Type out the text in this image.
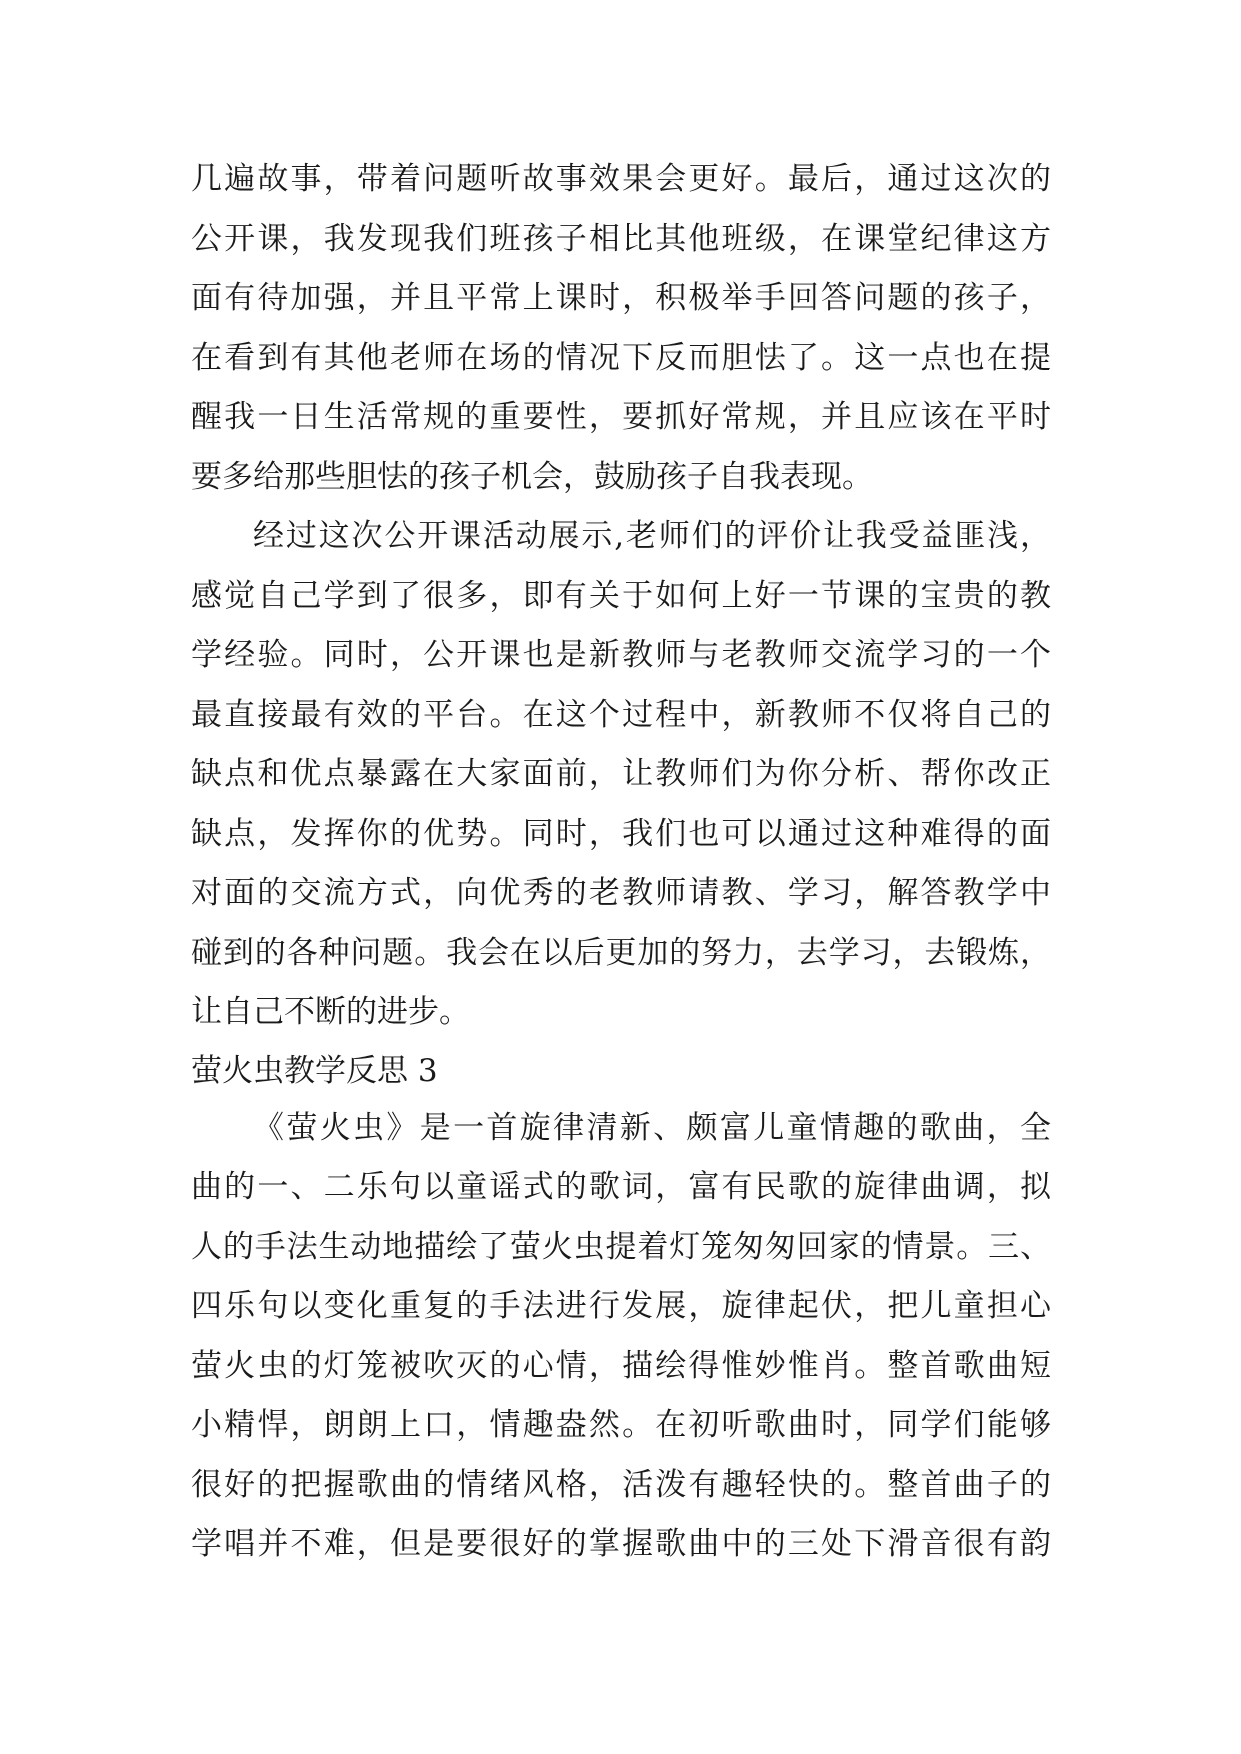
几遍故事，带着问题听故事效果会更好。最后，通过这次的
公开课，我发现我们班孩子相比其他班级，在课堂纪律这方
面有待加强，并且平常上课时，积极举手回答问题的孩子，
在看到有其他老师在场的情况下反而胆怯了。这一点也在提
醒我一日生活常规的重要性，要抓好常规，并且应该在平时
要多给那些胆怯的孩子机会，鼓励孩子自我表现。
经过这次公开课活动展示,老师们的评价让我受益匪浅，
感觉自己学到了很多，即有关于如何上好一节课的宝贵的教
学经验。同时，公开课也是新教师与老教师交流学习的一个
最直接最有效的平台。在这个过程中，新教师不仅将自己的
缺点和优点暴露在大家面前，让教师们为你分析、帮你改正
缺点，发挥你的优势。同时，我们也可以通过这种难得的面
对面的交流方式，向优秀的老教师请教、学习，解答教学中
碰到的各种问题。我会在以后更加的努力，去学习，去锻炼，
让自己不断的进步。
萤火虫教学反思 3
《萤火虫》是一首旋律清新、颇富儿童情趣的歌曲，全
曲的一、二乐句以童谣式的歌词，富有民歌的旋律曲调，拟
人的手法生动地描绘了萤火虫提着灯笼匆匆回家的情景。三、
四乐句以变化重复的手法进行发展，旋律起伏，把儿童担心
萤火虫的灯笼被吹灭的心情，描绘得惟妙惟肖。整首歌曲短
小精悍，朗朗上口，情趣盎然。在初听歌曲时，同学们能够
很好的把握歌曲的情绪风格，活泼有趣轻快的。整首曲子的
学唱并不难，但是要很好的掌握歌曲中的三处下滑音很有韵
